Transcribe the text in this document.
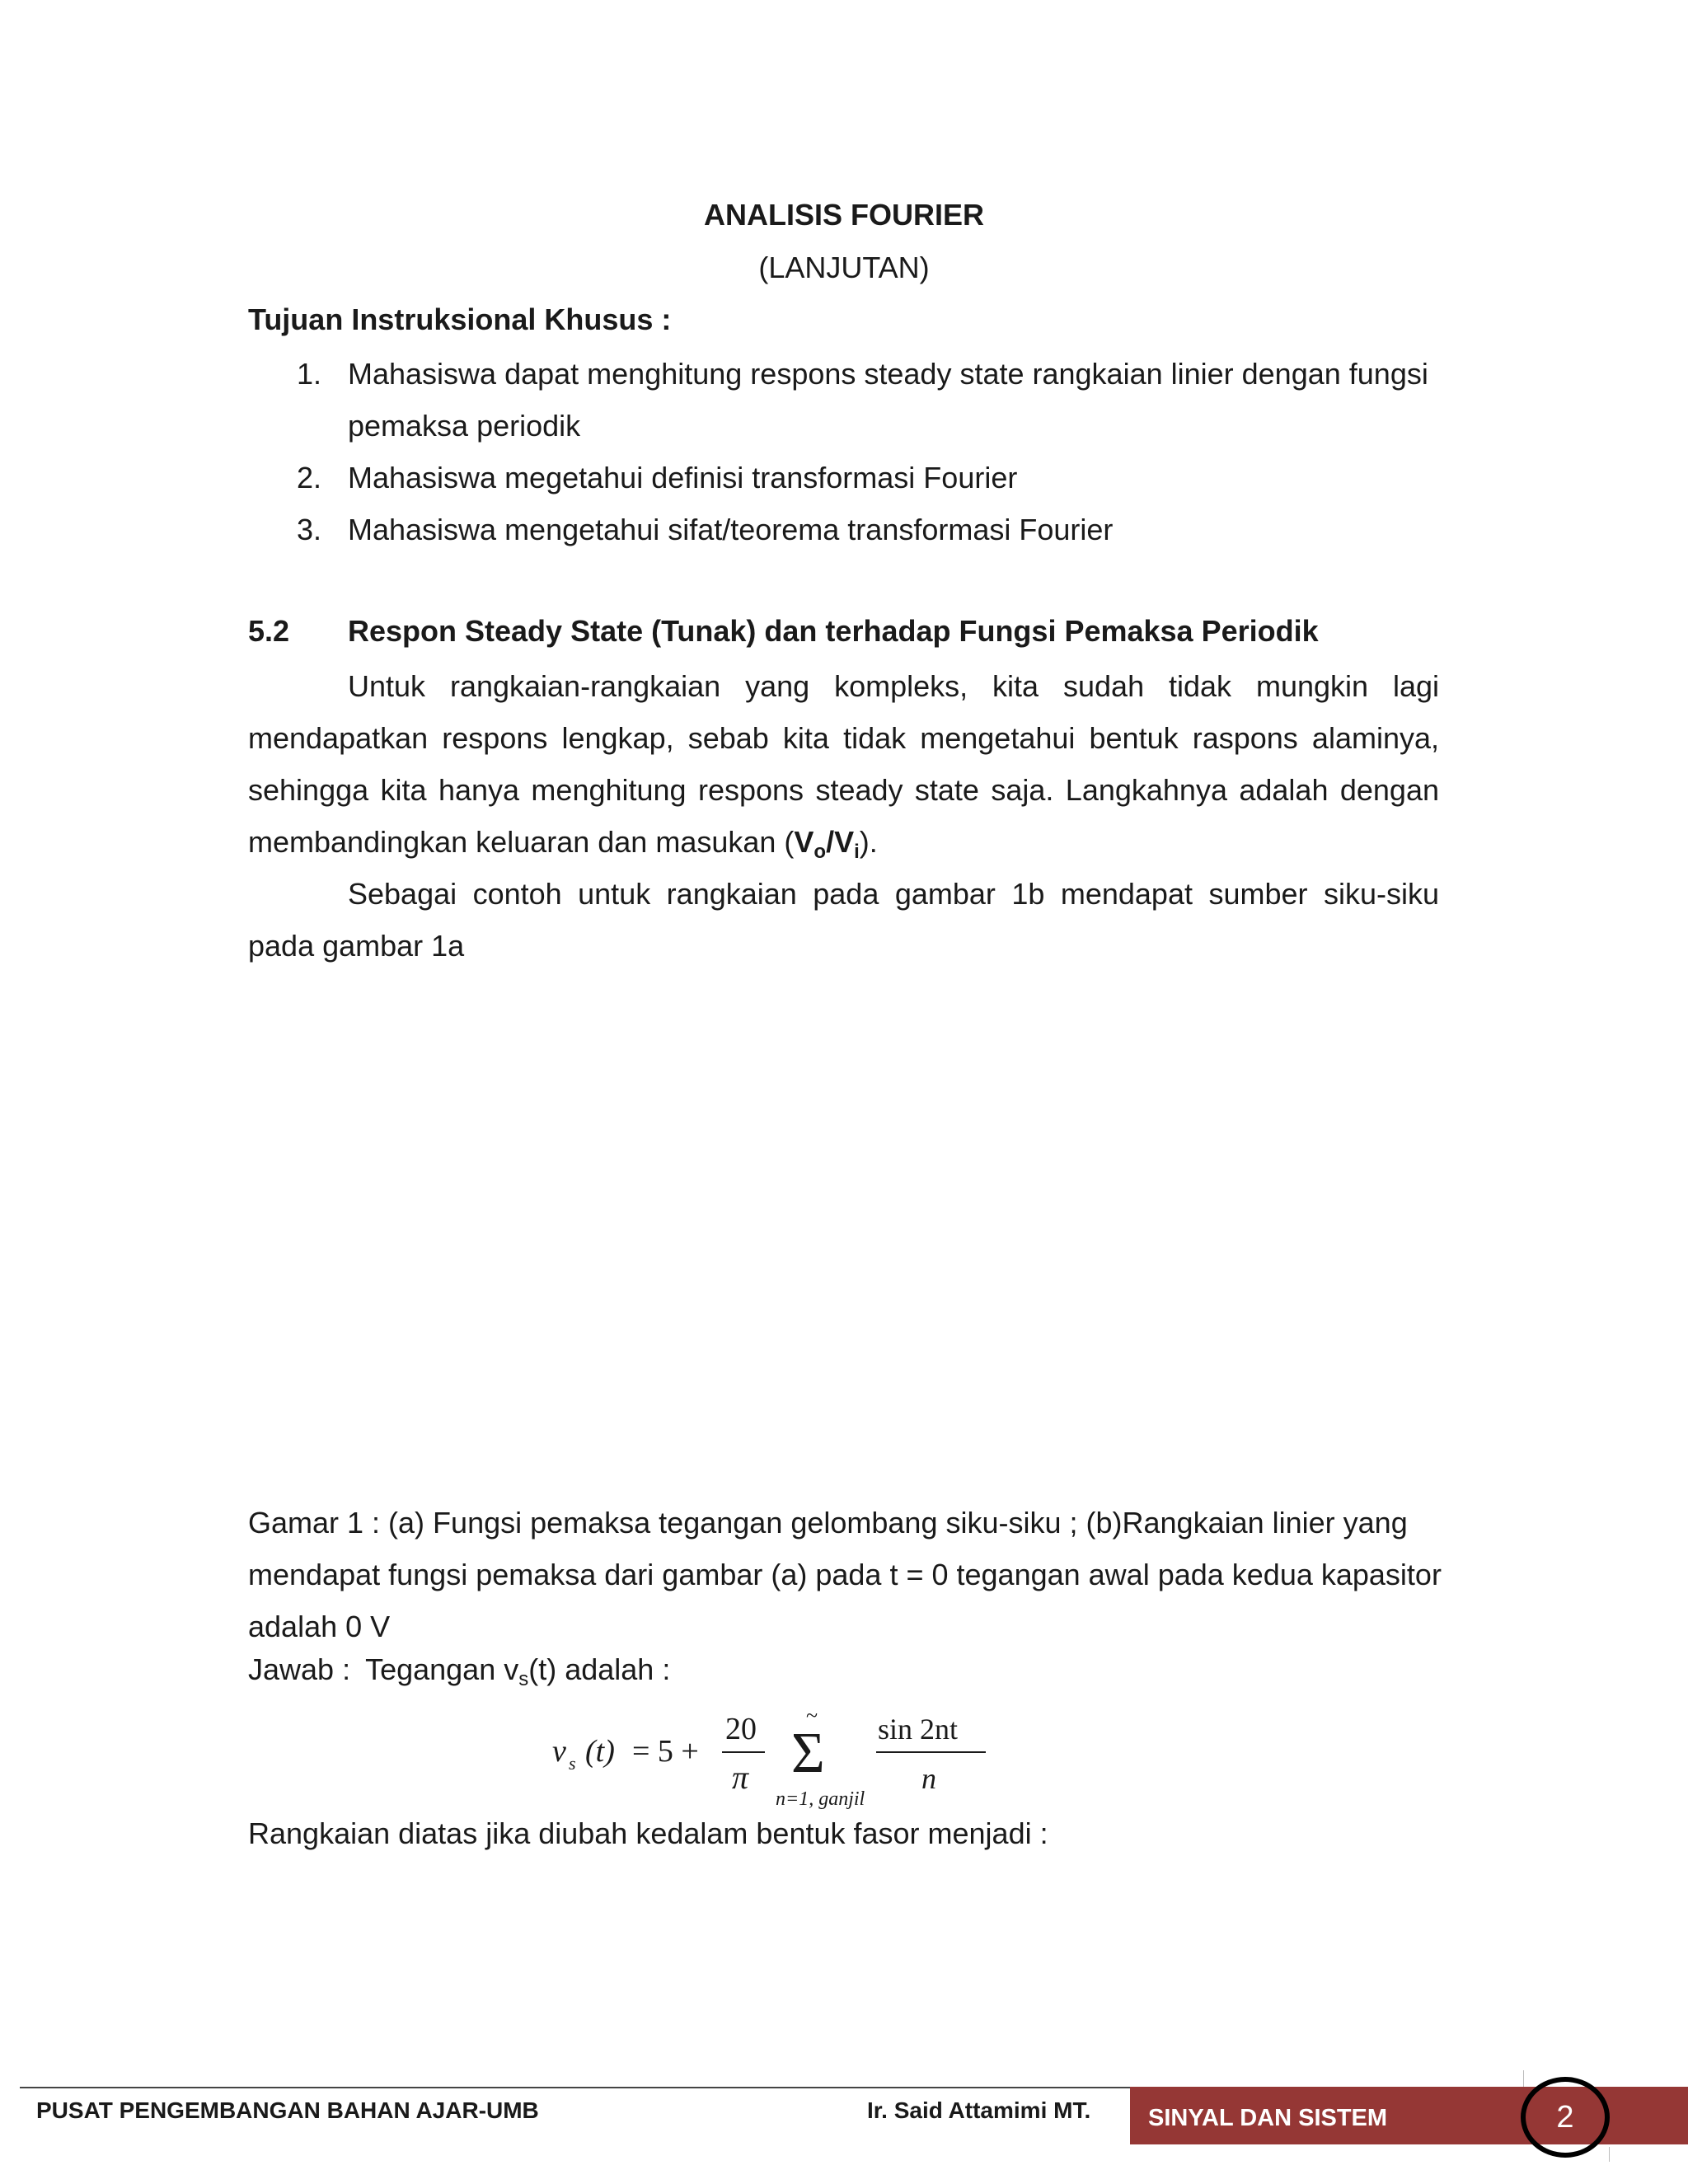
ANALISIS FOURIER
(LANJUTAN)
Tujuan Instruksional Khusus :
1. Mahasiswa dapat menghitung respons steady state rangkaian linier dengan fungsi pemaksa periodik
2. Mahasiswa megetahui definisi transformasi Fourier
3. Mahasiswa mengetahui sifat/teorema transformasi Fourier
5.2 Respon Steady State (Tunak) dan terhadap Fungsi Pemaksa Periodik

Untuk rangkaian-rangkaian yang kompleks, kita sudah tidak mungkin lagi mendapatkan respons lengkap, sebab kita tidak mengetahui bentuk raspons alaminya, sehingga kita hanya menghitung respons steady state saja. Langkahnya adalah dengan membandingkan keluaran dan masukan $(V_o/V_i)$.

Sebagai contoh untuk rangkaian pada gambar 1b mendapat sumber siku-siku pada gambar 1a

Gamar 1 : (a) Fungsi pemaksa tegangan gelombang siku-siku ; (b)Rangkaian linier yang mendapat fungsi pemaksa dari gambar (a) pada t = 0 tegangan awal pada kedua kapasitor adalah 0 V
Jawab : Tegangan $v_s(t)$ adalah :
v s (t) = 5 +
20
π
~
Σ
n=1, ganjil
sin 2nt
n
Rangkaian diatas jika diubah kedalam bentuk fasor menjadi :
PUSAT PENGEMBANGAN BAHAN AJAR-UMB	Ir. Said Attamimi MT. SINYAL DAN SISTEM	2
